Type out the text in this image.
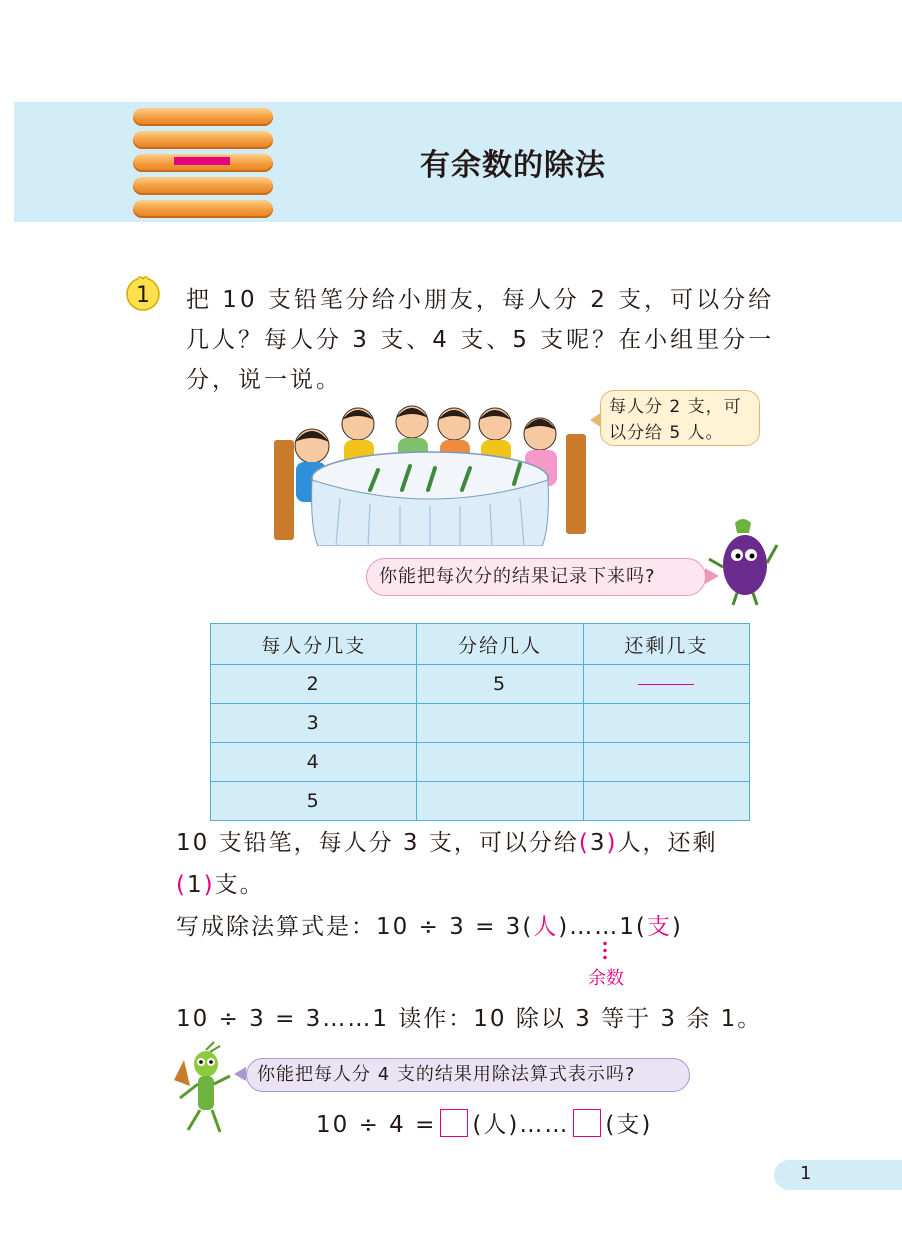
有余数的除法
1 把 10 支铅笔分给小朋友，每人分 2 支，可以分给几人？每人分 3 支、4 支、5 支呢？在小组里分一分，说一说。
每人分 2 支，可
以分给 5 人。
你能把每次分的结果记录下来吗?
每人分几支	分给几人	还剩几支
2	5	
3		
4		
5		
10 支铅笔，每人分 3 支，可以分给(3)人，还剩
(1)支。
写成除法算式是：10 ÷ 3 = 3(人)……1(支)
余数
10 ÷ 3 = 3……1 读作：10 除以 3 等于 3 余 1。
你能把每人分 4 支的结果用除法算式表示吗?
10 ÷ 4 = (人)…… (支)
1
